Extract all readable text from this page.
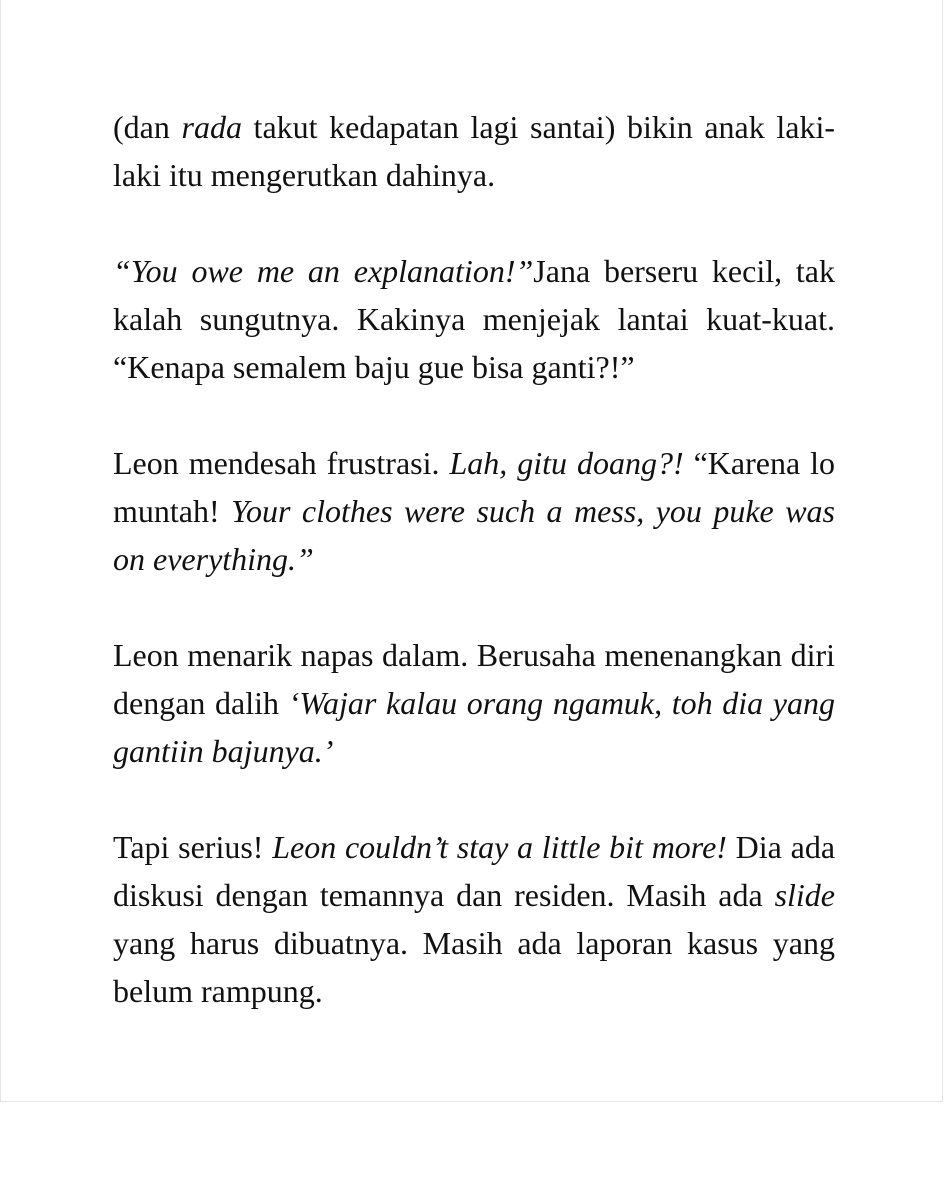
(dan rada takut kedapatan lagi santai) bikin anak laki-laki itu mengerutkan dahinya.

“You owe me an explanation!”Jana berseru kecil, tak kalah sungutnya. Kakinya menjejak lantai kuat-kuat. “Kenapa semalem baju gue bisa ganti?!”

Leon mendesah frustrasi. Lah, gitu doang?! “Karena lo muntah! Your clothes were such a mess, you puke was on everything.”

Leon menarik napas dalam. Berusaha menenangkan diri dengan dalih ‘Wajar kalau orang ngamuk, toh dia yang gantiin bajunya.’

Tapi serius! Leon couldn’t stay a little bit more! Dia ada diskusi dengan temannya dan residen. Masih ada slide yang harus dibuatnya. Masih ada laporan kasus yang belum rampung.
